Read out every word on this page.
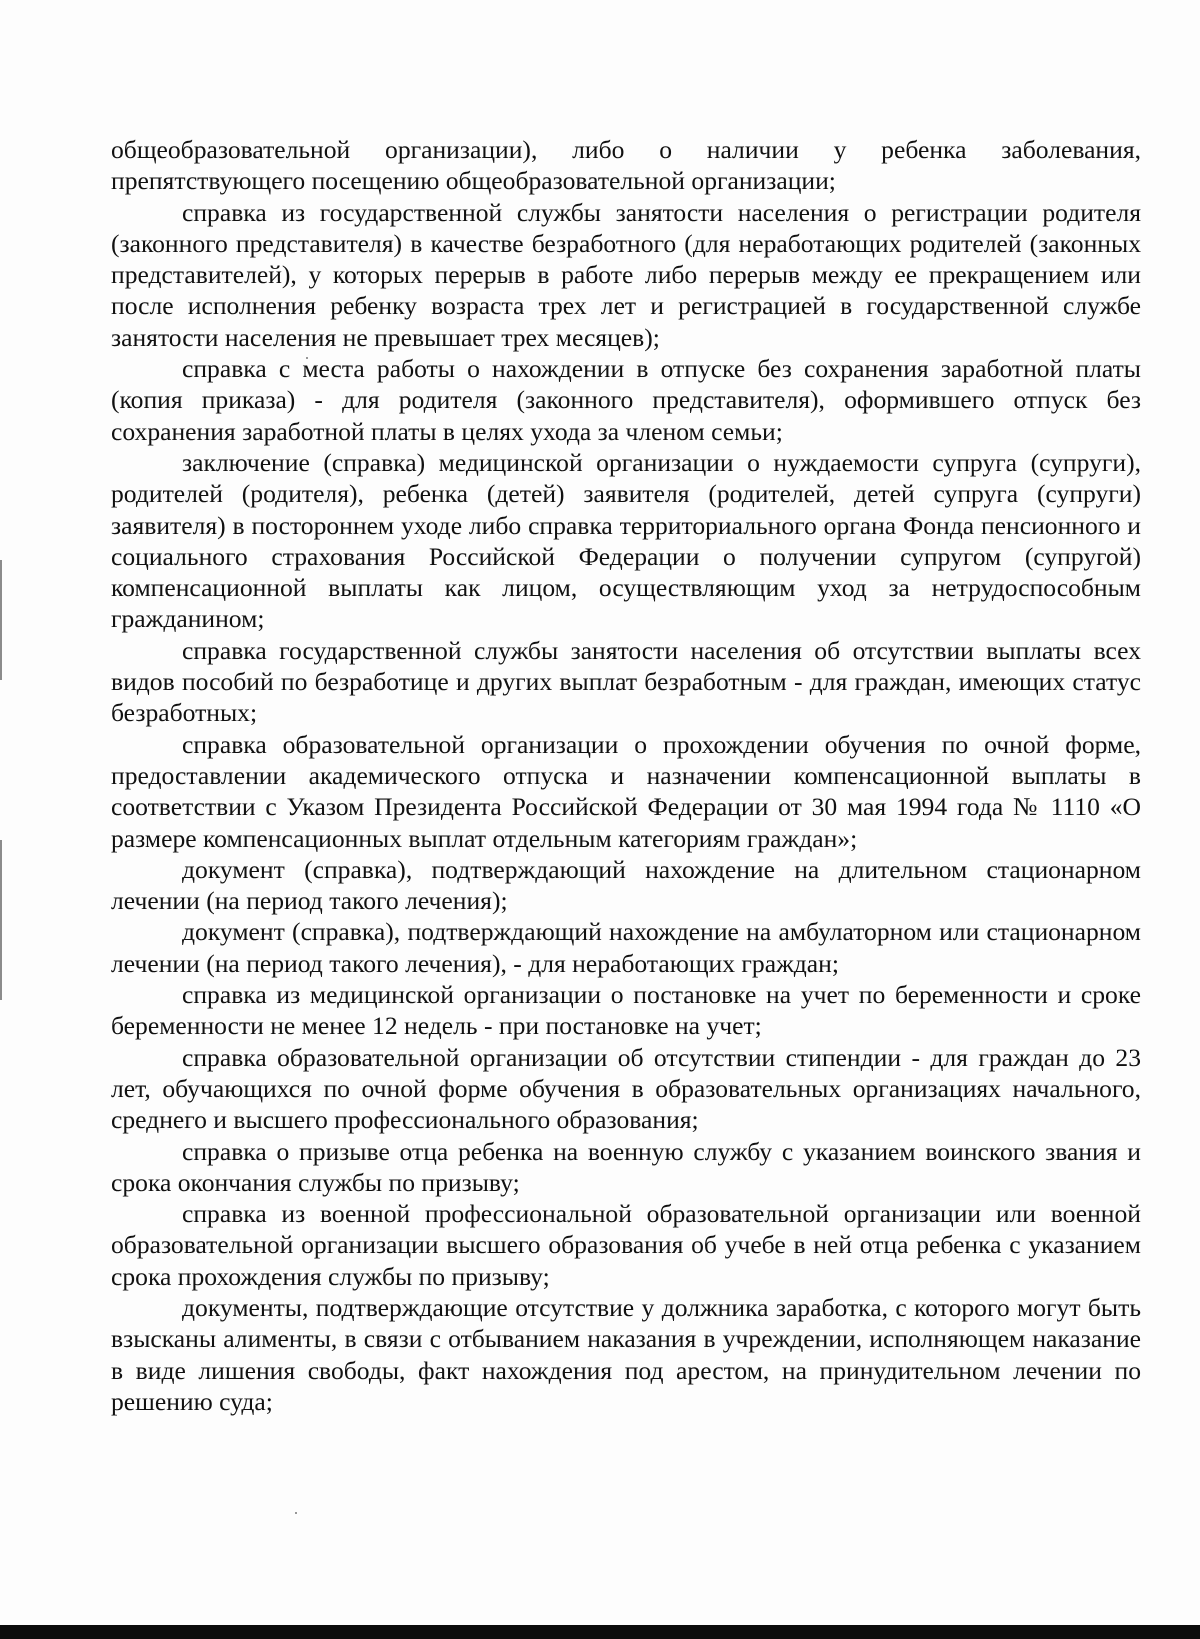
общеобразовательной организации), либо о наличии у ребенка заболевания, препятствующего посещению общеобразовательной организации;

справка из государственной службы занятости населения о регистрации родителя (законного представителя) в качестве безработного (для неработающих родителей (законных представителей), у которых перерыв в работе либо перерыв между ее прекращением или после исполнения ребенку возраста трех лет и регистрацией в государственной службе занятости населения не превышает трех месяцев);

справка с места работы о нахождении в отпуске без сохранения заработной платы (копия приказа) - для родителя (законного представителя), оформившего отпуск без сохранения заработной платы в целях ухода за членом семьи;

заключение (справка) медицинской организации о нуждаемости супруга (супруги), родителей (родителя), ребенка (детей) заявителя (родителей, детей супруга (супруги) заявителя) в постороннем уходе либо справка территориального органа Фонда пенсионного и социального страхования Российской Федерации о получении супругом (супругой) компенсационной выплаты как лицом, осуществляющим уход за нетрудоспособным гражданином;

справка государственной службы занятости населения об отсутствии выплаты всех видов пособий по безработице и других выплат безработным - для граждан, имеющих статус безработных;

справка образовательной организации о прохождении обучения по очной форме, предоставлении академического отпуска и назначении компенсационной выплаты в соответствии с Указом Президента Российской Федерации от 30 мая 1994 года № 1110 «О размере компенсационных выплат отдельным категориям граждан»;

документ (справка), подтверждающий нахождение на длительном стационарном лечении (на период такого лечения);

документ (справка), подтверждающий нахождение на амбулаторном или стационарном лечении (на период такого лечения), - для неработающих граждан;

справка из медицинской организации о постановке на учет по беременности и сроке беременности не менее 12 недель - при постановке на учет;

справка образовательной организации об отсутствии стипендии - для граждан до 23 лет, обучающихся по очной форме обучения в образовательных организациях начального, среднего и высшего профессионального образования;

справка о призыве отца ребенка на военную службу с указанием воинского звания и срока окончания службы по призыву;

справка из военной профессиональной образовательной организации или военной образовательной организации высшего образования об учебе в ней отца ребенка с указанием срока прохождения службы по призыву;

документы, подтверждающие отсутствие у должника заработка, с которого могут быть взысканы алименты, в связи с отбыванием наказания в учреждении, исполняющем наказание в виде лишения свободы, факт нахождения под арестом, на принудительном лечении по решению суда;
